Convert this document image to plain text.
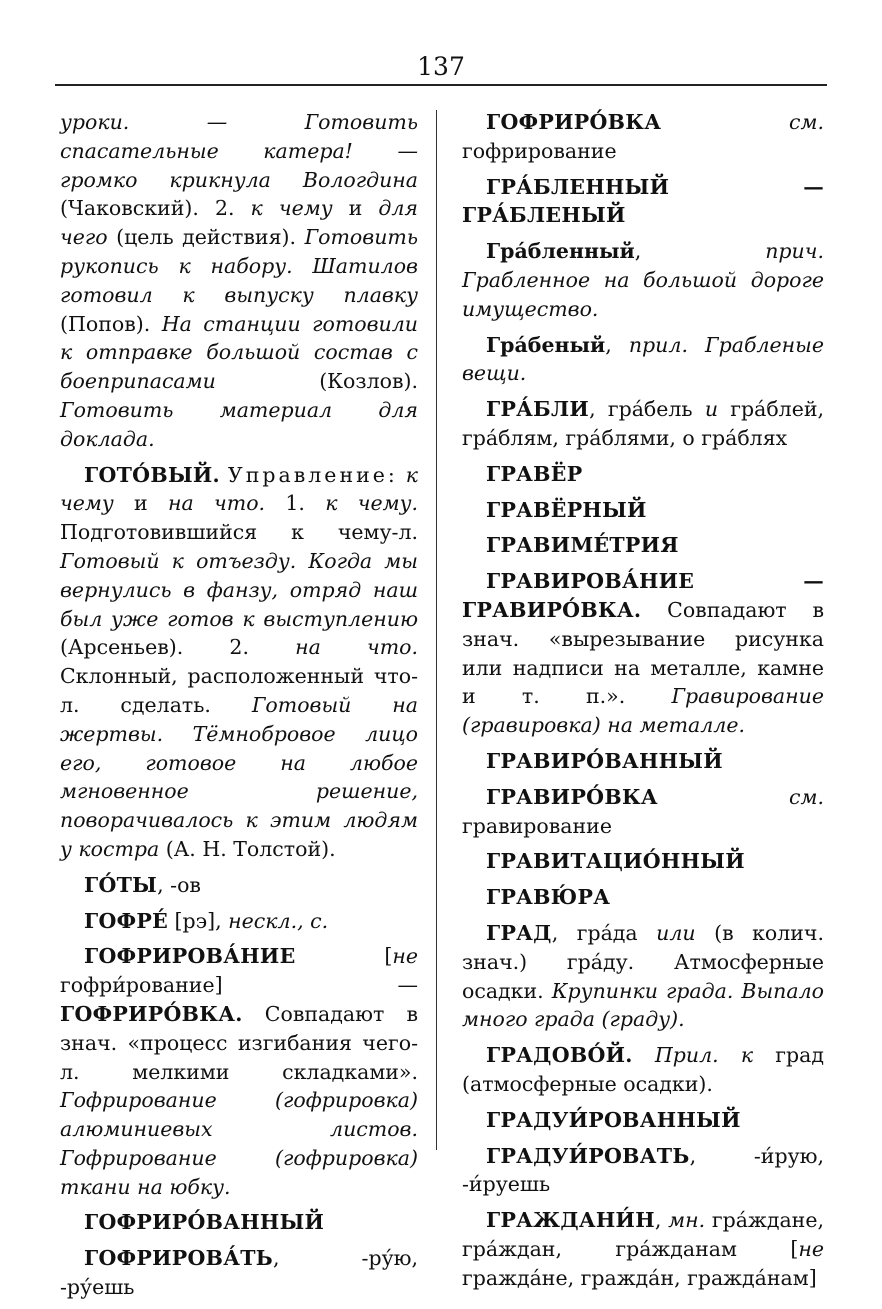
137

уроки. — Готовить спасательные катера! — громко крикнула Вологдина (Чаковский). 2. к чему и для чего (цель действия). Готовить рукопись к набору. Шатилов готовил к выпуску плавку (Попов). На станции готовили к отправке большой состав с боеприпасами (Козлов). Готовить материал для доклада.

ГОТО́ВЫЙ. Управление: к чему и на что. 1. к чему. Подготовившийся к чему-л. Готовый к отъезду. Когда мы вернулись в фанзу, отряд наш был уже готов к выступлению (Арсеньев). 2. на что. Склонный, расположенный что-л. сделать. Готовый на жертвы. Тёмнобровое лицо его, готовое на любое мгновенное решение, поворачивалось к этим людям у костра (А. Н. Толстой).

ГО́ТЫ, -ов

ГОФРЕ́ [рэ], нескл., с.

ГОФРИРОВА́НИЕ [не гофри́рование] — ГОФРИРО́ВКА. Совпадают в знач. «процесс изгибания чего-л. мелкими складками». Гофрирование (гофрировка) алюминиевых листов. Гофрирование (гофрировка) ткани на юбку.

ГОФРИРО́ВАННЫЙ

ГОФРИРОВА́ТЬ, -ру́ю, -ру́ешь

ГОФРИРО́ВКА	см. гофрирование

ГРА́БЛЕННЫЙ — ГРА́БЛЕНЫЙ

Гра́бленный, прич. Грабленное на большой дороге имущество.

Гра́беный, прил. Грабленые вещи.

ГРА́БЛИ, гра́бель и гра́блей, гра́блям, гра́блями, о гра́блях

ГРАВЁР

ГРАВЁРНЫЙ

ГРАВИМЕ́ТРИЯ

ГРАВИРОВА́НИЕ — ГРАВИРО́ВКА. Совпадают в знач. «вырезывание рисунка или надписи на металле, камне и т. п.». Гравирование (гравировка) на металле.

ГРАВИРО́ВАННЫЙ

ГРАВИРО́ВКА	см. гравирование

ГРАВИТАЦИО́ННЫЙ

ГРАВЮ́РА

ГРАД, гра́да или (в колич. знач.) гра́ду. Атмосферные осадки. Крупинки града. Выпало много града (граду).

ГРАДОВО́Й. Прил. к град (атмосферные осадки).

ГРАДУИ́РОВАННЫЙ

ГРАДУИ́РОВАТЬ, -и́рую, -и́руешь

ГРАЖДАНИ́Н, мн. гра́ждане, гра́ждан, гра́жданам [не гражда́не, гражда́н, гражда́нам]
